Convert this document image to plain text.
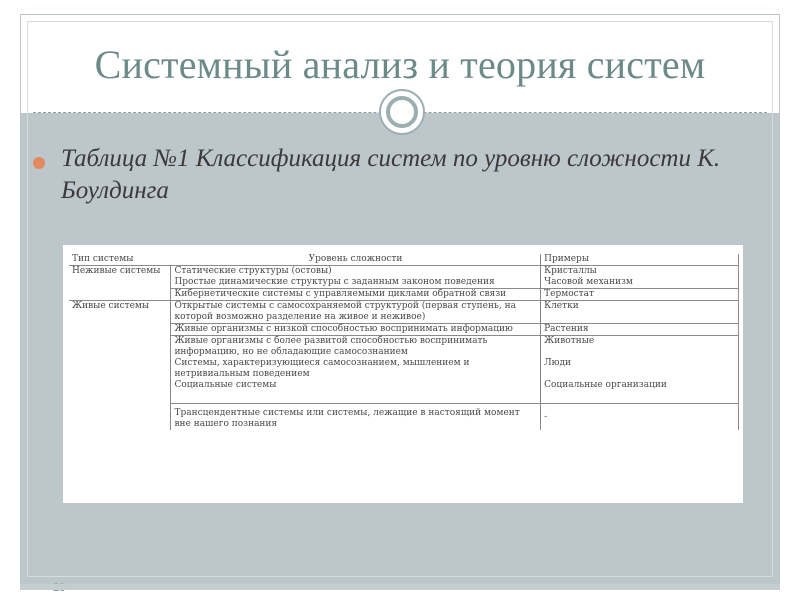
Системный анализ и теория систем
Таблица №1 Классификация систем по уровню сложности К. Боулдинга
Тип системы	Уровень сложности	Примеры
Неживые системы	Статические структуры (остовы)	Кристаллы
	Простые динамические структуры с заданным законом поведения	Часовой механизм
	Кибернетические системы с управляемыми циклами обратной связи	Термостат
Живые системы	Открытые системы с самосохраняемой структурой (первая ступень, на которой возможно разделение на живое и неживое)	Клетки
	Живые организмы с низкой способностью воспринимать информацию	Растения
	Живые организмы с более развитой способностью воспринимать информацию, но не обладающие самосознанием	Животные
	Системы, характеризующиеся самосознанием, мышлением и нетривиальным поведением	Люди
	Социальные системы	Социальные организации
	Трансцендентные системы или системы, лежащие в настоящий момент вне нашего познания	-
